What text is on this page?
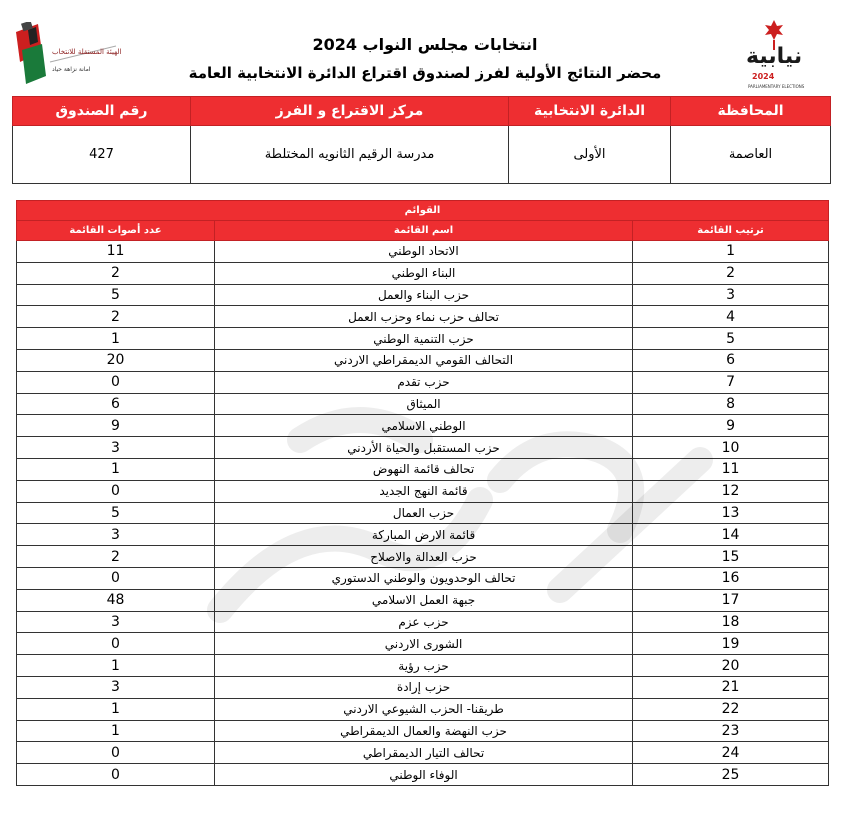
الهيئة المستقلة للانتخاب
امانة نزاهة حياد
نيابية
2024
PARLIAMENTARY ELECTIONS
انتخابات مجلس النواب 2024
محضر النتائج الأولية لفرز لصندوق اقتراع الدائرة الانتخابية العامة
المحافظة	الدائرة الانتخابية	مركز الاقتراع و الفرز	رقم الصندوق
العاصمة	الأولى	مدرسة الرقيم الثانويه المختلطة	427
القوائم		
ترتيب القائمة	اسم القائمة	عدد أصوات القائمة
1	الاتحاد الوطني	11
2	البناء الوطني	2
3	حزب البناء والعمل	5
4	تحالف حزب نماء وحزب العمل	2
5	حزب التنمية الوطني	1
6	التحالف القومي الديمقراطي الاردني	20
7	حزب تقدم	0
8	الميثاق	6
9	الوطني الاسلامي	9
10	حزب المستقبل والحياة الأردني	3
11	تحالف قائمة النهوض	1
12	قائمة النهج الجديد	0
13	حزب العمال	5
14	قائمة الارض المباركة	3
15	حزب العدالة والاصلاح	2
16	تحالف الوحدويون والوطني الدستوري	0
17	جبهة العمل الاسلامي	48
18	حزب عزم	3
19	الشورى الاردني	0
20	حزب رؤية	1
21	حزب إرادة	3
22	طريقنا- الحزب الشيوعي الاردني	1
23	حزب النهضة والعمال الديمقراطي	1
24	تحالف التيار الديمقراطي	0
25	الوفاء الوطني	0
